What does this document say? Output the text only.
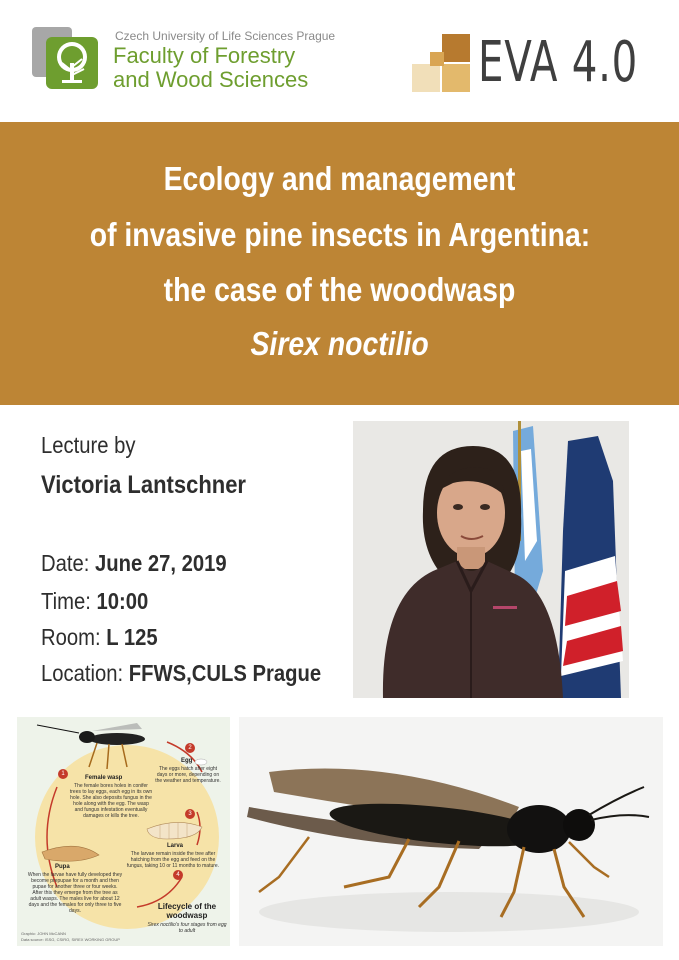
Czech University of Life Sciences Prague
Faculty of Forestry
and Wood Sciences	EVA 4.0
Ecology and management
of invasive pine insects in Argentina:
the case of the woodwasp
Sirex noctilio
Lecture by
Victoria Lantschner
Date: June 27, 2019
Time: 10:00
Room: L 125
Location: FFWS,CULS Prague
1
2
3
4
Female wasp
The female bores holes in conifer trees to lay eggs, each egg in its own hole. She also deposits fungus in the hole along with the egg. The wasp and fungus infestation eventually damages or kills the tree.
Egg
The eggs hatch after eight days or more, depending on the weather and temperature.
Larva
The larvae remain inside the tree after hatching from the egg and feed on the fungus, taking 10 or 11 months to mature.
Pupa
When the larvae have fully developed they become prepupae for a month and then pupae for another three or four weeks. After this they emerge from the tree as adult wasps. The males live for about 12 days and the females for only three to five days.	Lifecycle of the woodwasp
Sirex noctilio's four stages from egg to adult
Graphic: JOHN McCANN
Data source: ISSG, CSIRO, SIREX WORKING GROUP
